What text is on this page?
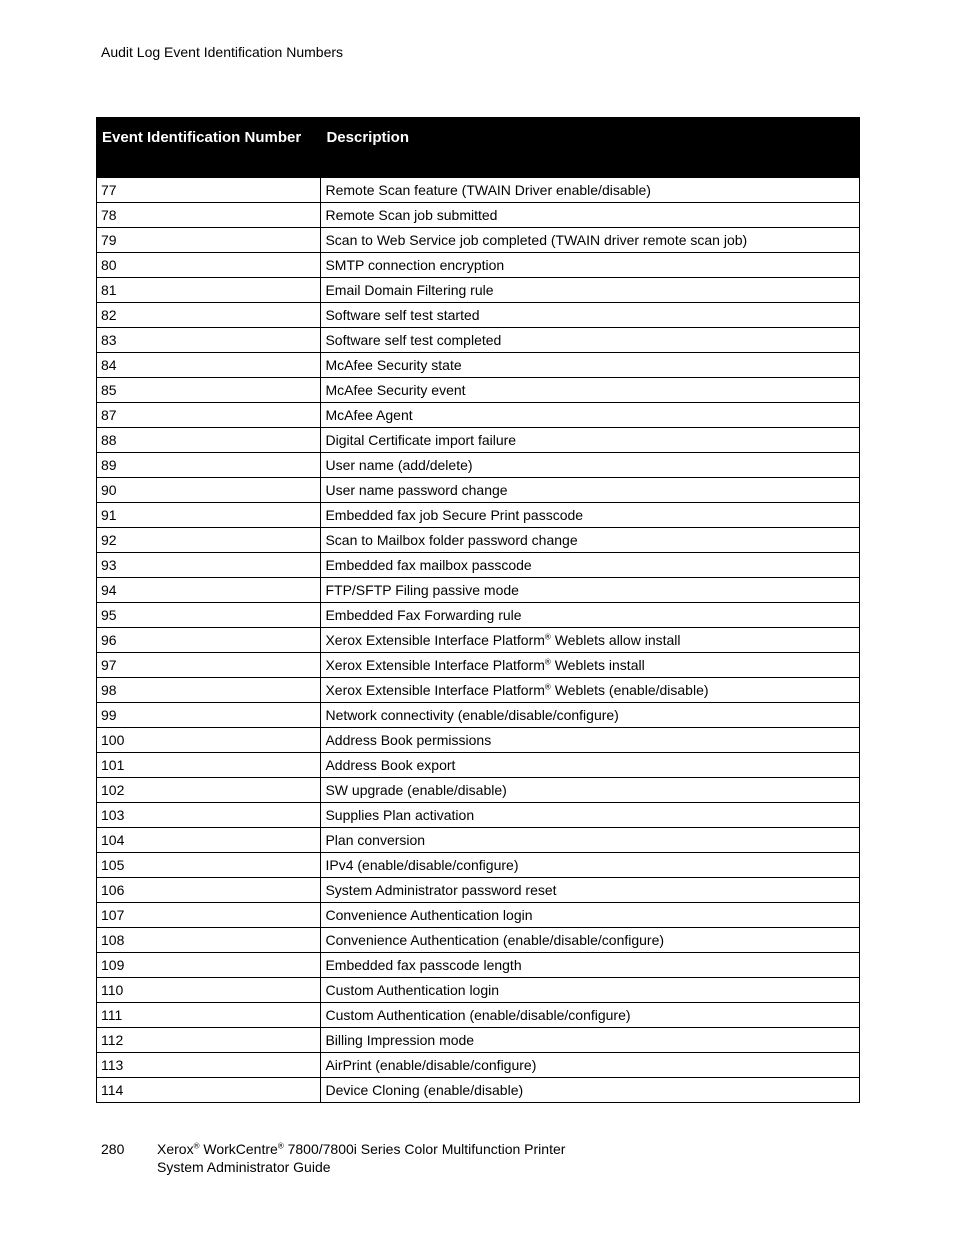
Audit Log Event Identification Numbers
Event Identification Number	Description
77	Remote Scan feature (TWAIN Driver enable/disable)
78	Remote Scan job submitted
79	Scan to Web Service job completed (TWAIN driver remote scan job)
80	SMTP connection encryption
81	Email Domain Filtering rule
82	Software self test started
83	Software self test completed
84	McAfee Security state
85	McAfee Security event
87	McAfee Agent
88	Digital Certificate import failure
89	User name (add/delete)
90	User name password change
91	Embedded fax job Secure Print passcode
92	Scan to Mailbox folder password change
93	Embedded fax mailbox passcode
94	FTP/SFTP Filing passive mode
95	Embedded Fax Forwarding rule
96	Xerox Extensible Interface Platform® Weblets allow install
97	Xerox Extensible Interface Platform® Weblets install
98	Xerox Extensible Interface Platform® Weblets (enable/disable)
99	Network connectivity (enable/disable/configure)
100	Address Book permissions
101	Address Book export
102	SW upgrade (enable/disable)
103	Supplies Plan activation
104	Plan conversion
105	IPv4 (enable/disable/configure)
106	System Administrator password reset
107	Convenience Authentication login
108	Convenience Authentication (enable/disable/configure)
109	Embedded fax passcode length
110	Custom Authentication login
111	Custom Authentication (enable/disable/configure)
112	Billing Impression mode
113	AirPrint (enable/disable/configure)
114	Device Cloning (enable/disable)
280 Xerox® WorkCentre® 7800/7800i Series Color Multifunction Printer
System Administrator Guide
